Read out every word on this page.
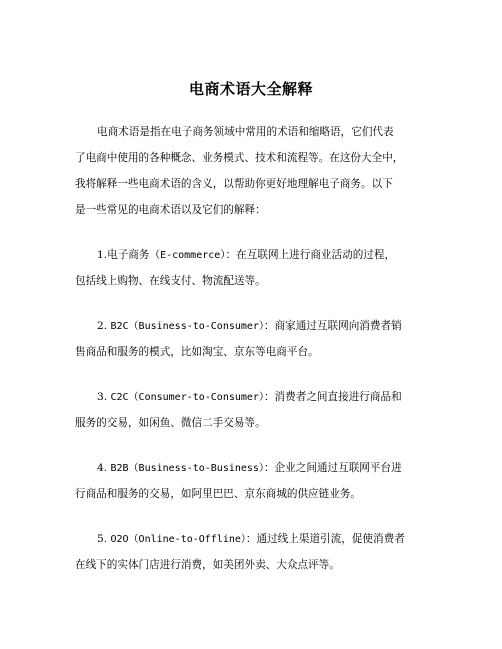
电商术语大全解释
电商术语是指在电子商务领域中常用的术语和缩略语，它们代表
了电商中使用的各种概念、业务模式、技术和流程等。在这份大全中，
我将解释一些电商术语的含义，以帮助你更好地理解电子商务。以下
是一些常见的电商术语以及它们的解释：
1.电子商务（E-commerce）：在互联网上进行商业活动的过程，
包括线上购物、在线支付、物流配送等。
2. B2C（Business-to-Consumer）：商家通过互联网向消费者销
售商品和服务的模式，比如淘宝、京东等电商平台。
3. C2C（Consumer-to-Consumer）：消费者之间直接进行商品和
服务的交易，如闲鱼、微信二手交易等。
4. B2B（Business-to-Business）：企业之间通过互联网平台进
行商品和服务的交易，如阿里巴巴、京东商城的供应链业务。
5. O2O（Online-to-Offline）：通过线上渠道引流，促使消费者
在线下的实体门店进行消费，如美团外卖、大众点评等。
